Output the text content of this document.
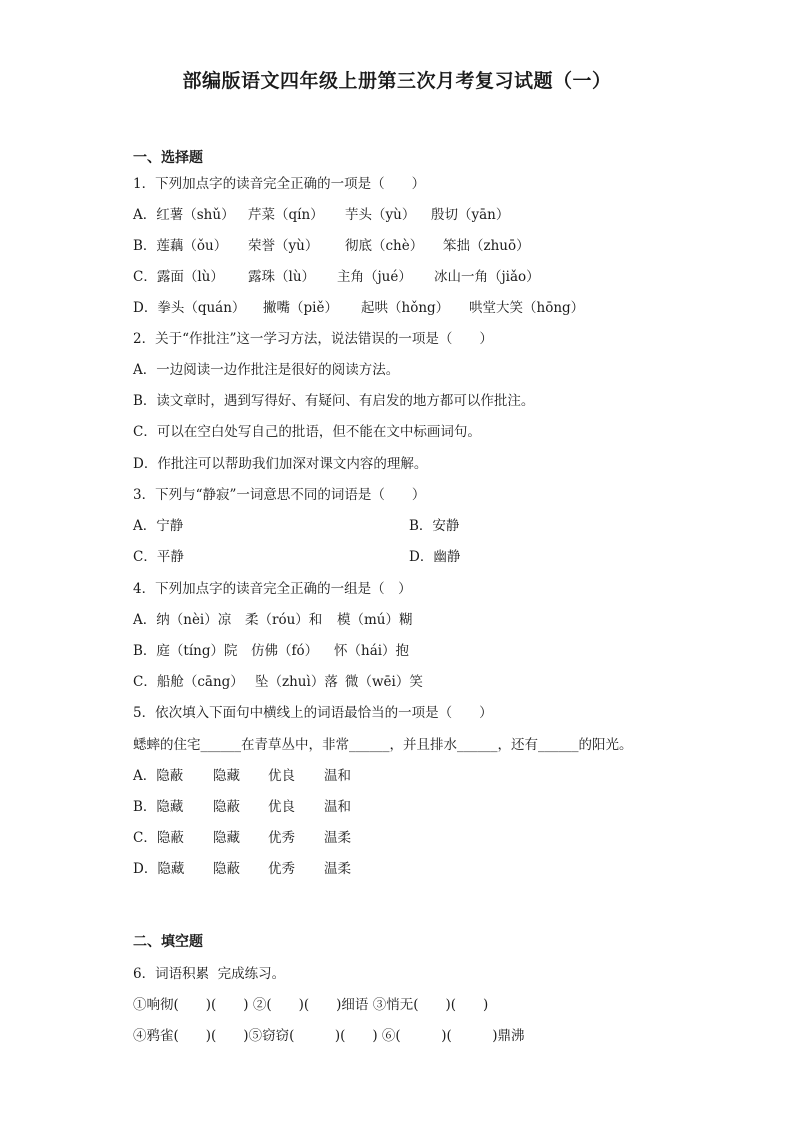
部编版语文四年级上册第三次月考复习试题（一）
一、选择题
1．下列加点字的读音完全正确的一项是（　　）

A．红薯（shǔ）

芹菜（qín）

芋头（yù）

殷切（yān）

B．莲藕（ǒu）

荣誉（yù）

彻底（chè）

笨拙（zhuō）

C．露面（lù）

露珠（lù）

主角（jué）

冰山一角（jiǎo）

D．拳头（quán）

撇嘴（piě）

起哄（hǒng）

哄堂大笑（hōng）

2．关于“作批注”这一学习方法，说法错误的一项是（　　）
A．一边阅读一边作批注是很好的阅读方法。
B．读文章时，遇到写得好、有疑问、有启发的地方都可以作批注。
C．可以在空白处写自己的批语，但不能在文中标画词句。
D．作批注可以帮助我们加深对课文内容的理解。
3．下列与“静寂”一词意思不同的词语是（　　）

A．宁静

	B．安静

C．平静

	D．幽静

4．下列加点字的读音完全正确的一组是（　）

A．纳（nèi）凉

柔（róu）和

模（mú）糊

B．庭（tíng）院

仿佛（fó）

怀（hái）抱

C．船舱（cāng）

坠（zhuì）落

微（wēi）笑

5．依次填入下面句中横线上的词语最恰当的一项是（　　）
蟋蟀的住宅______在青草丛中，非常______，并且排水______，还有______的阳光。

A．隐蔽

隐藏

优良

温和

B．隐藏

隐蔽

优良

温和

C．隐蔽

隐藏

优秀

温柔

D．隐藏

隐蔽

优秀

温柔

二、填空题
6．词语积累  完成练习。
①响彻(　　)(　　) ②(　　)(　　)细语 ③悄无(　　)(　　)
④鸦雀(　　)(　　)⑤窃窃(　　　)(　　) ⑥(　　　)(　　　)鼎沸
